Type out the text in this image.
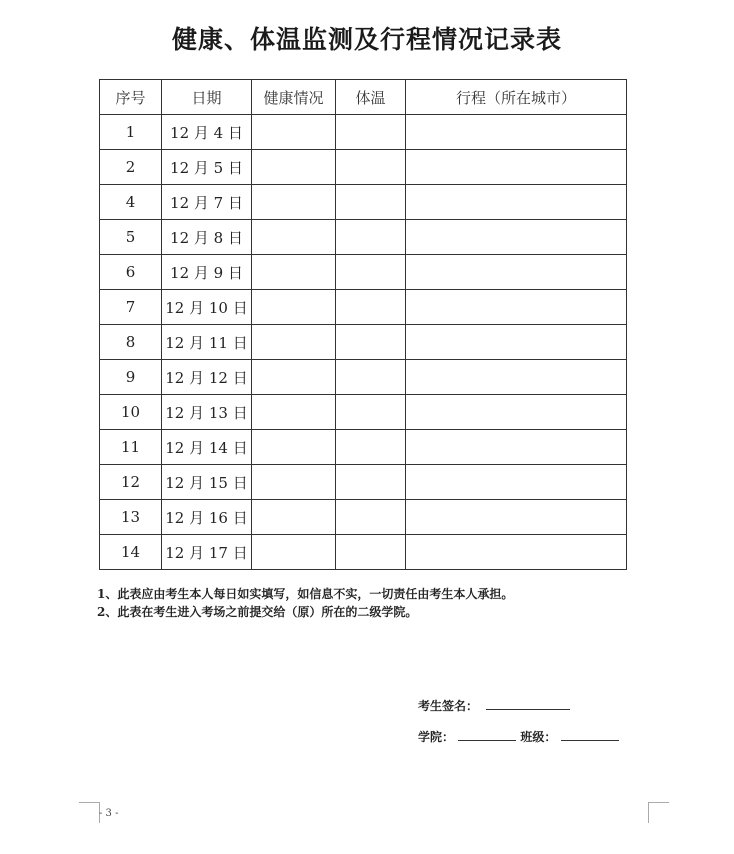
健康、体温监测及行程情况记录表
序号	日期	健康情况	体温	行程（所在城市）
1	12 月 4 日			
2	12 月 5 日			
4	12 月 7 日			
5	12 月 8 日			
6	12 月 9 日			
7	12 月 10 日			
8	12 月 11 日			
9	12 月 12 日			
10	12 月 13 日			
11	12 月 14 日			
12	12 月 15 日			
13	12 月 16 日			
14	12 月 17 日			
1、此表应由考生本人每日如实填写，如信息不实，一切责任由考生本人承担。
2、此表在考生进入考场之前提交给（原）所在的二级学院。
考生签名：
学院：	班级：
- 3 -
